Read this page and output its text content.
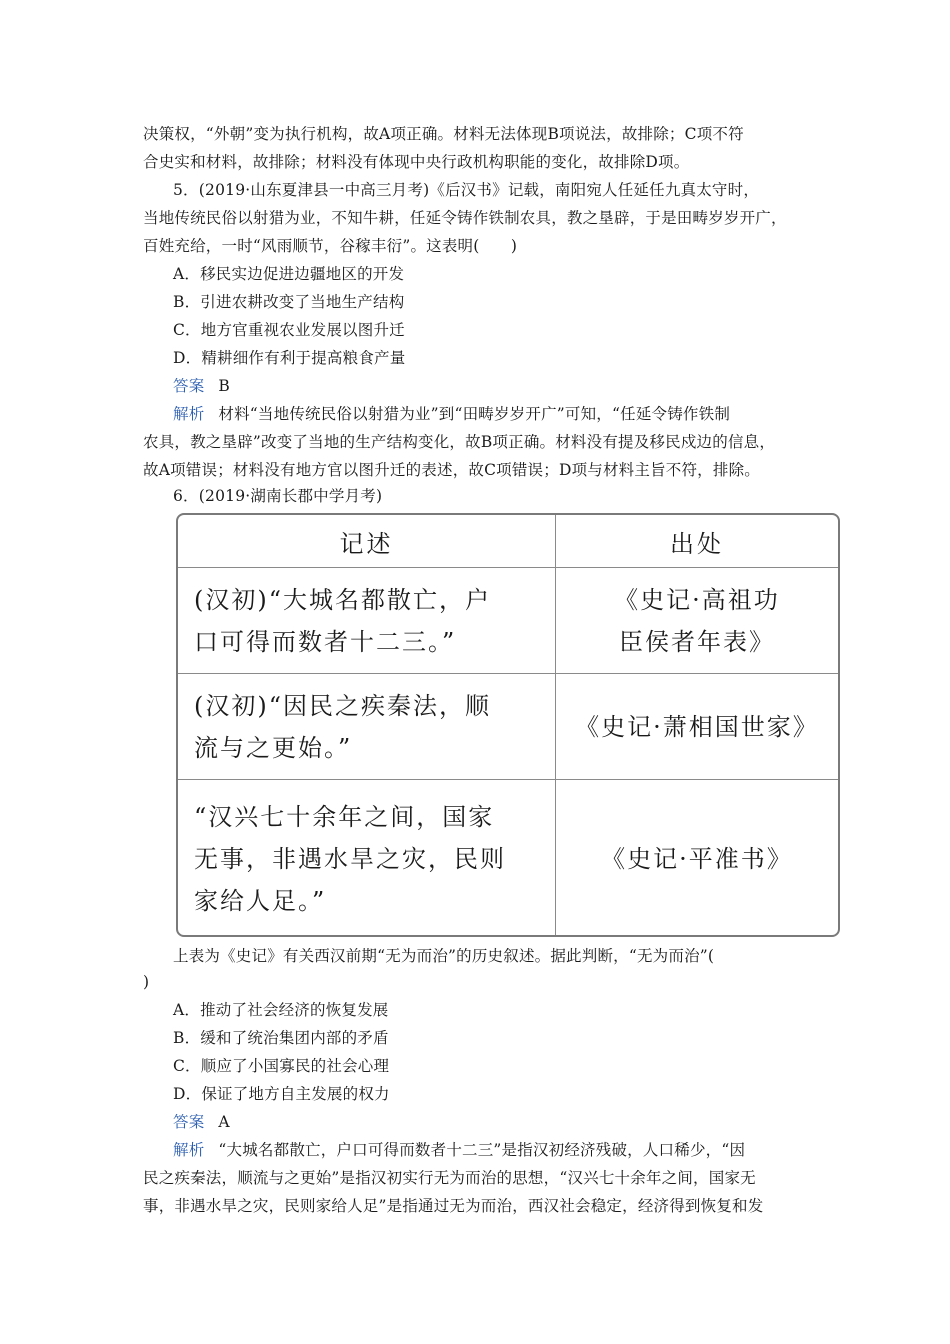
决策权，“外朝”变为执行机构，故A项正确。材料无法体现B项说法，故排除；C项不符
合史实和材料，故排除；材料没有体现中央行政机构职能的变化，故排除D项。
5．(2019·山东夏津县一中高三月考)《后汉书》记载，南阳宛人任延任九真太守时，
当地传统民俗以射猎为业，不知牛耕，任延令铸作铁制农具，教之垦辟，于是田畴岁岁开广，
百姓充给，一时“风雨顺节，谷稼丰衍”。这表明(　　)
A．移民实边促进边疆地区的开发
B．引进农耕改变了当地生产结构
C．地方官重视农业发展以图升迁
D．精耕细作有利于提高粮食产量
答案 B
解析 材料“当地传统民俗以射猎为业”到“田畴岁岁开广”可知，“任延令铸作铁制
农具，教之垦辟”改变了当地的生产结构变化，故B项正确。材料没有提及移民戍边的信息，
故A项错误；材料没有地方官以图升迁的表述，故C项错误；D项与材料主旨不符，排除。
6．(2019·湖南长郡中学月考)
记述	出处
(汉初)“大城名都散亡，户
口可得而数者十二三。”	《史记·高祖功
臣侯者年表》
(汉初)“因民之疾秦法，顺
流与之更始。”	《史记·萧相国世家》
“汉兴七十余年之间，国家
无事，非遇水旱之灾，民则
家给人足。”	《史记·平准书》
上表为《史记》有关西汉前期“无为而治”的历史叙述。据此判断，“无为而治”(
)
A．推动了社会经济的恢复发展
B．缓和了统治集团内部的矛盾
C．顺应了小国寡民的社会心理
D．保证了地方自主发展的权力
答案 A
解析 “大城名都散亡，户口可得而数者十二三”是指汉初经济残破，人口稀少，“因
民之疾秦法，顺流与之更始”是指汉初实行无为而治的思想，“汉兴七十余年之间，国家无
事，非遇水旱之灾，民则家给人足”是指通过无为而治，西汉社会稳定，经济得到恢复和发
